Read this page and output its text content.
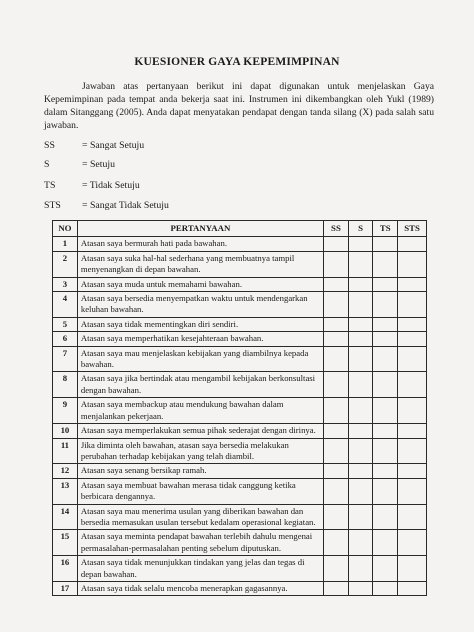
KUESIONER GAYA KEPEMIMPINAN
Jawaban atas pertanyaan berikut ini dapat digunakan untuk menjelaskan Gaya Kepemimpinan pada tempat anda bekerja saat ini. Instrumen ini dikembangkan oleh Yukl (1989) dalam Sitanggang (2005). Anda dapat menyatakan pendapat dengan tanda silang (X) pada salah satu jawaban.
SS	= Sangat Setuju
S	= Setuju
TS	= Tidak Setuju
STS = Sangat Tidak Setuju
NO	PERTANYAAN	SS	S	TS	STS
1	Atasan saya bermurah hati pada bawahan.				
2	Atasan saya suka hal-hal sederhana yang membuatnya tampil menyenangkan di depan bawahan.				
3	Atasan saya muda untuk memahami bawahan.				
4	Atasan saya bersedia menyempatkan waktu untuk mendengarkan keluhan bawahan.				
5	Atasan saya tidak mementingkan diri sendiri.				
6	Atasan saya memperhatikan kesejahteraan bawahan.				
7	Atasan saya mau menjelaskan kebijakan yang diambilnya kepada bawahan.				
8	Atasan saya jika bertindak atau mengambil kebijakan berkonsultasi dengan bawahan.				
9	Atasan saya membackup atau mendukung bawahan dalam menjalankan pekerjaan.				
10	Atasan saya memperlakukan semua pihak sederajat dengan dirinya.				
11	Jika diminta oleh bawahan, atasan saya bersedia melakukan perubahan terhadap kebijakan yang telah diambil.				
12	Atasan saya senang bersikap ramah.				
13	Atasan saya membuat bawahan merasa tidak canggung ketika berbicara dengannya.				
14	Atasan saya mau menerima usulan yang diberikan bawahan dan bersedia memasukan usulan tersebut kedalam operasional kegiatan.				
15	Atasan saya meminta pendapat bawahan terlebih dahulu mengenai permasalahan-permasalahan penting sebelum diputuskan.				
16	Atasan saya tidak menunjukkan tindakan yang jelas dan tegas di depan bawahan.				
17	Atasan saya tidak selalu mencoba menerapkan gagasannya.				
